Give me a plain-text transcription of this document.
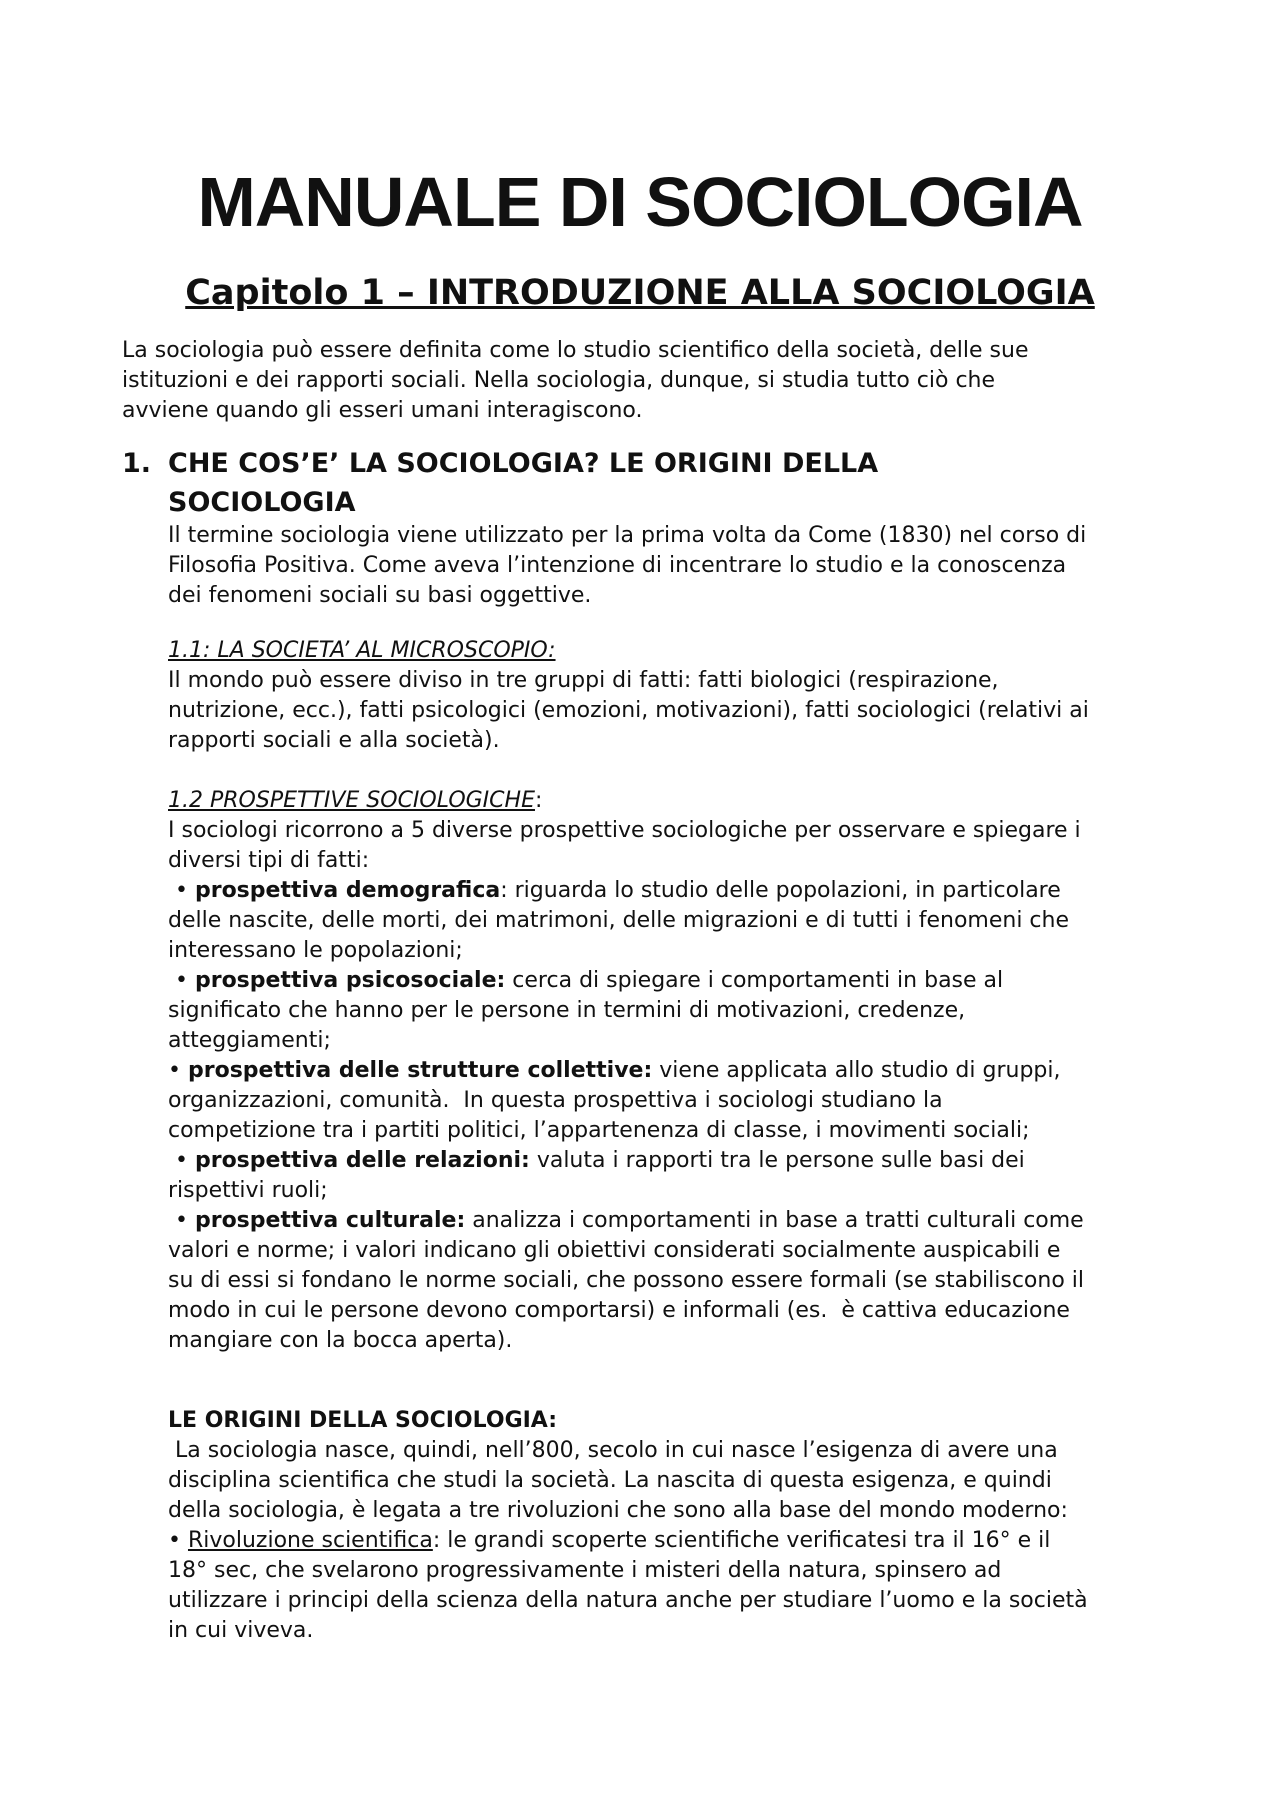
MANUALE DI SOCIOLOGIA
Capitolo 1 – INTRODUZIONE ALLA SOCIOLOGIA

La sociologia può essere definita come lo studio scientifico della società, delle sue

istituzioni e dei rapporti sociali. Nella sociologia, dunque, si studia tutto ciò che

avviene quando gli esseri umani interagiscono.

1. CHE COS’E’ LA SOCIOLOGIA? LE ORIGINI DELLA

SOCIOLOGIA

Il termine sociologia viene utilizzato per la prima volta da Come (1830) nel corso di

Filosofia Positiva. Come aveva l’intenzione di incentrare lo studio e la conoscenza

dei fenomeni sociali su basi oggettive.

1.1: LA SOCIETA’ AL MICROSCOPIO:

Il mondo può essere diviso in tre gruppi di fatti: fatti biologici (respirazione,

nutrizione, ecc.), fatti psicologici (emozioni, motivazioni), fatti sociologici (relativi ai

rapporti sociali e alla società).

1.2 PROSPETTIVE SOCIOLOGICHE:

I sociologi ricorrono a 5 diverse prospettive sociologiche per osservare e spiegare i

diversi tipi di fatti:

• prospettiva demografica: riguarda lo studio delle popolazioni, in particolare

delle nascite, delle morti, dei matrimoni, delle migrazioni e di tutti i fenomeni che

interessano le popolazioni;

• prospettiva psicosociale: cerca di spiegare i comportamenti in base al

significato che hanno per le persone in termini di motivazioni, credenze,

atteggiamenti;

• prospettiva delle strutture collettive: viene applicata allo studio di gruppi,

organizzazioni, comunità.  In questa prospettiva i sociologi studiano la

competizione tra i partiti politici, l’appartenenza di classe, i movimenti sociali;

• prospettiva delle relazioni: valuta i rapporti tra le persone sulle basi dei

rispettivi ruoli;

• prospettiva culturale: analizza i comportamenti in base a tratti culturali come

valori e norme; i valori indicano gli obiettivi considerati socialmente auspicabili e

su di essi si fondano le norme sociali, che possono essere formali (se stabiliscono il

modo in cui le persone devono comportarsi) e informali (es.  è cattiva educazione

mangiare con la bocca aperta).

LE ORIGINI DELLA SOCIOLOGIA:

La sociologia nasce, quindi, nell’800, secolo in cui nasce l’esigenza di avere una

disciplina scientifica che studi la società. La nascita di questa esigenza, e quindi

della sociologia, è legata a tre rivoluzioni che sono alla base del mondo moderno:

• Rivoluzione scientifica: le grandi scoperte scientifiche verificatesi tra il 16° e il

18° sec, che svelarono progressivamente i misteri della natura, spinsero ad

utilizzare i principi della scienza della natura anche per studiare l’uomo e la società

in cui viveva.
